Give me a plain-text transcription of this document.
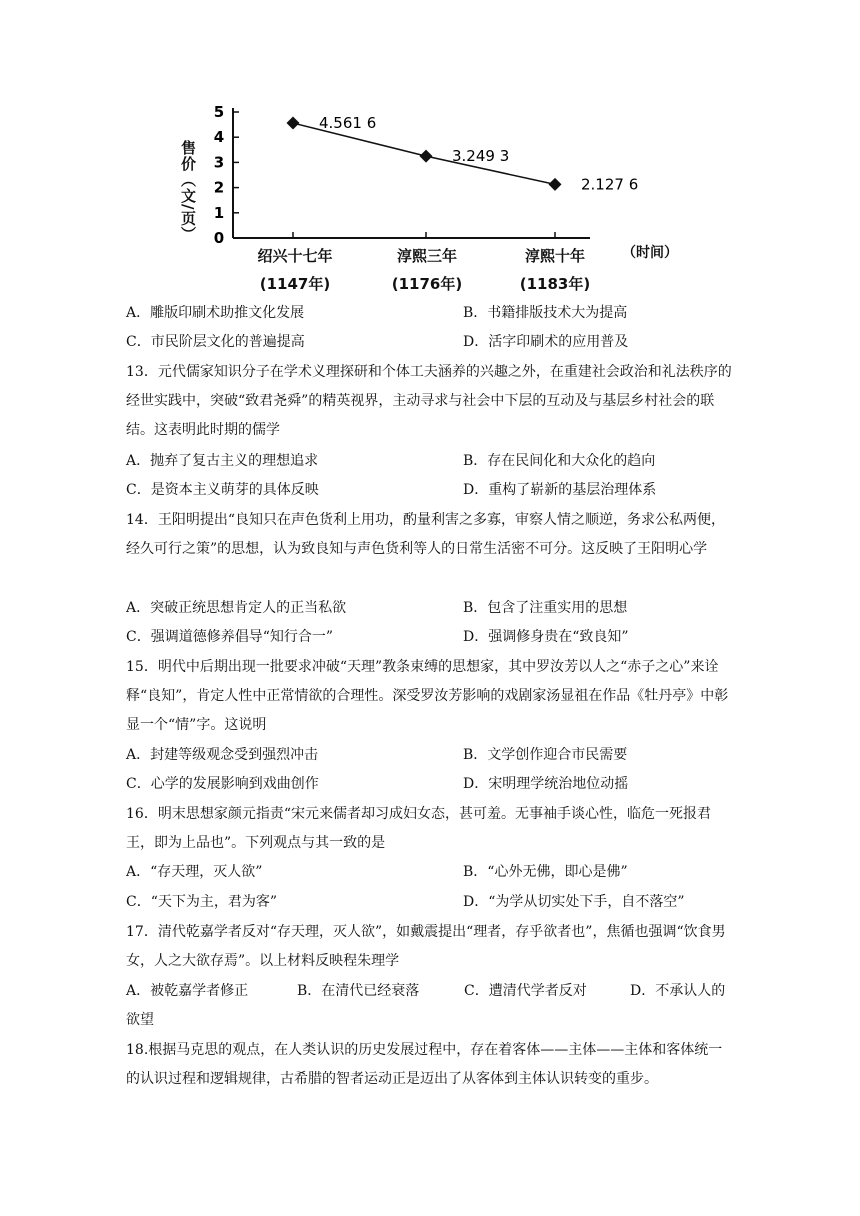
0
1
2
3
4
5
4.561 6
3.249 3
2.127 6
售价（文/页）
绍兴十七年
(1147年)
淳熙三年
(1176年)
淳熙十年
(1183年)
（时间）
A．雕版印刷术助推文化发展	B．书籍排版技术大为提高
C．市民阶层文化的普遍提高	D．活字印刷术的应用普及
13．元代儒家知识分子在学术义理探研和个体工夫涵养的兴趣之外，在重建社会政治和礼法秩序的经世实践中，突破“致君尧舜”的精英视界，主动寻求与社会中下层的互动及与基层乡村社会的联结。这表明此时期的儒学
A．抛弃了复古主义的理想追求	B．存在民间化和大众化的趋向
C．是资本主义萌芽的具体反映	D．重构了崭新的基层治理体系
14．王阳明提出“良知只在声色货利上用功，酌量利害之多寡，审察人情之顺逆，务求公私两便，经久可行之策”的思想，认为致良知与声色货利等人的日常生活密不可分。这反映了王阳明心学
A．突破正统思想肯定人的正当私欲	B．包含了注重实用的思想
C．强调道德修养倡导“知行合一”	D．强调修身贵在“致良知”
15．明代中后期出现一批要求冲破“天理”教条束缚的思想家，其中罗汝芳以人之“赤子之心”来诠释“良知”，肯定人性中正常情欲的合理性。深受罗汝芳影响的戏剧家汤显祖在作品《牡丹亭》中彰显一个“情”字。这说明
A．封建等级观念受到强烈冲击	B．文学创作迎合市民需要
C．心学的发展影响到戏曲创作	D．宋明理学统治地位动摇
16．明末思想家颜元指责“宋元来儒者却习成妇女态，甚可羞。无事袖手谈心性，临危一死报君王，即为上品也”。下列观点与其一致的是
A．“存天理，灭人欲”	B．“心外无佛，即心是佛”
C．“天下为主，君为客”	D．“为学从切实处下手，自不落空”
17．清代乾嘉学者反对“存天理，灭人欲”，如戴震提出“理者，存乎欲者也”，焦循也强调“饮食男女，人之大欲存焉”。以上材料反映程朱理学
A．被乾嘉学者修正	B．在清代已经衰落	C．遭清代学者反对	D．不承认人的
欲望
18.根据马克思的观点，在人类认识的历史发展过程中，存在着客体——主体——主体和客体统一的认识过程和逻辑规律，古希腊的智者运动正是迈出了从客体到主体认识转变的重步。
